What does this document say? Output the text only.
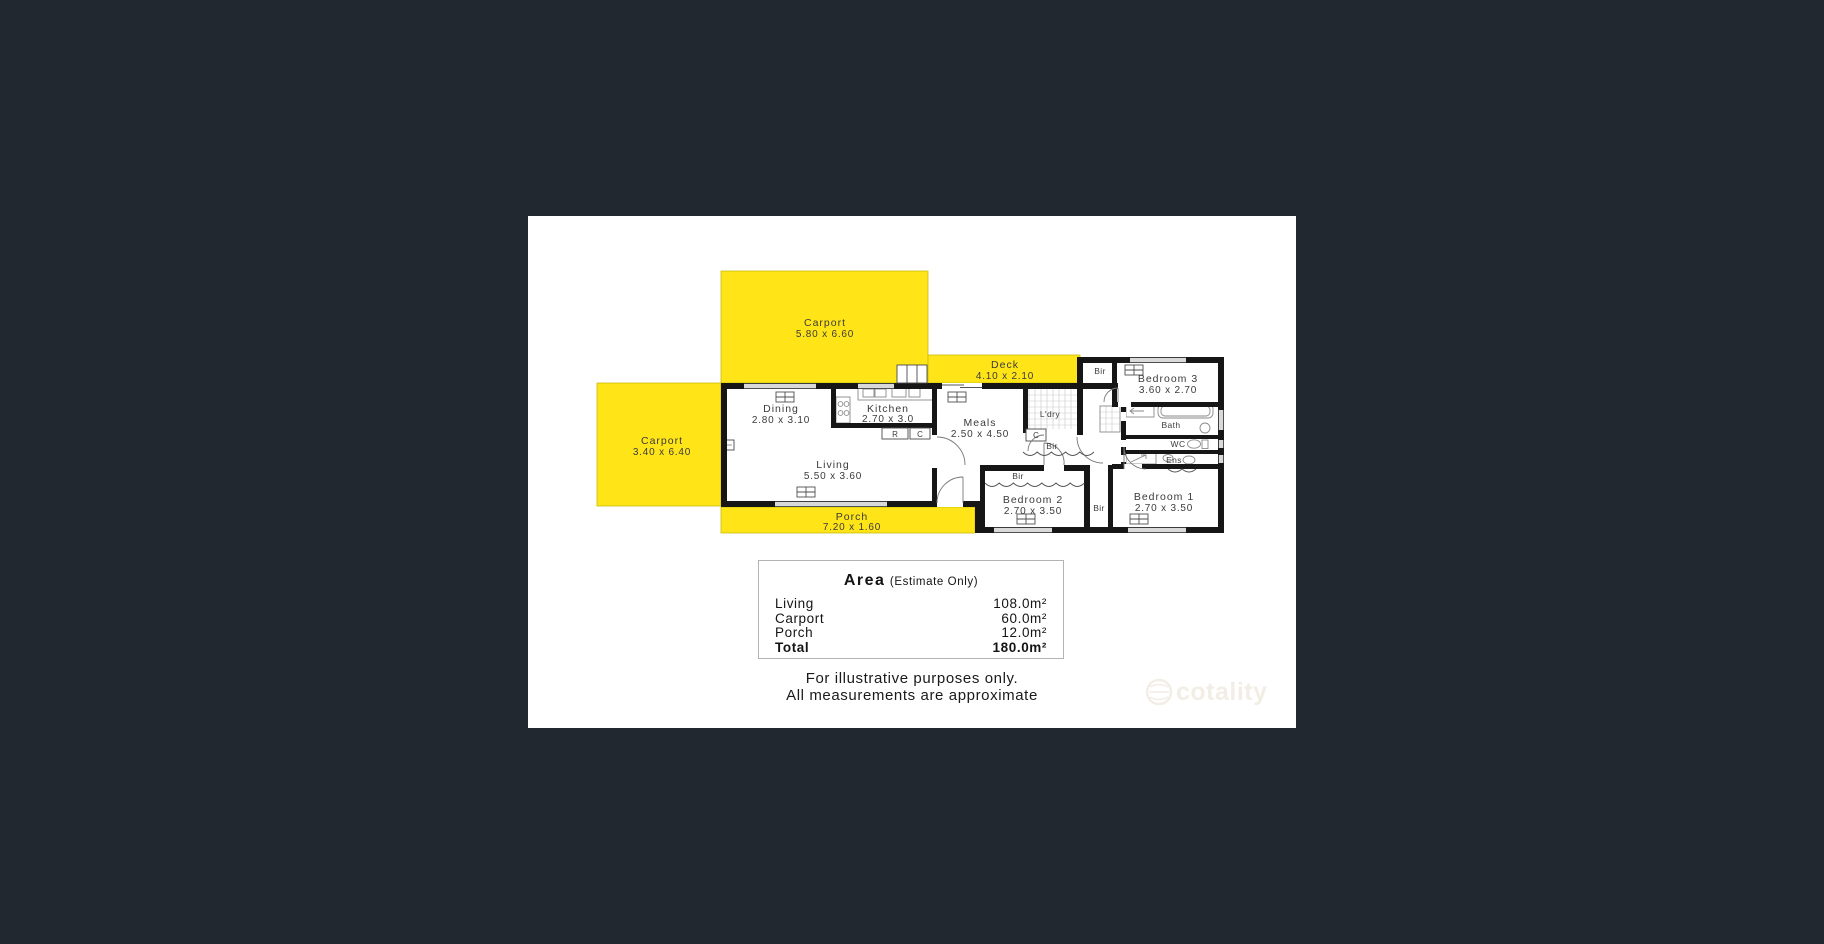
Carport
5.80 x 6.60
Deck
4.10 x 2.10
Carport
3.40 x 6.40
Porch
7.20 x 1.60
Dining
2.80 x 3.10
Kitchen
2.70 x 3.0	Meals
2.50 x 4.50
Living
5.50 x 3.60
L'dry
Bath
WC
Ens
Bedroom 3
3.60 x 2.70
Bedroom 2
2.70 x 3.50
Bedroom 1
2.70 x 3.50
Bir
Bir
Bir
Bir
R C	C
Area (Estimate Only)
Living	108.0m²
Carport	60.0m²
Porch	12.0m²
Total	180.0m²
For illustrative purposes only.
All measurements are approximate	cotality
